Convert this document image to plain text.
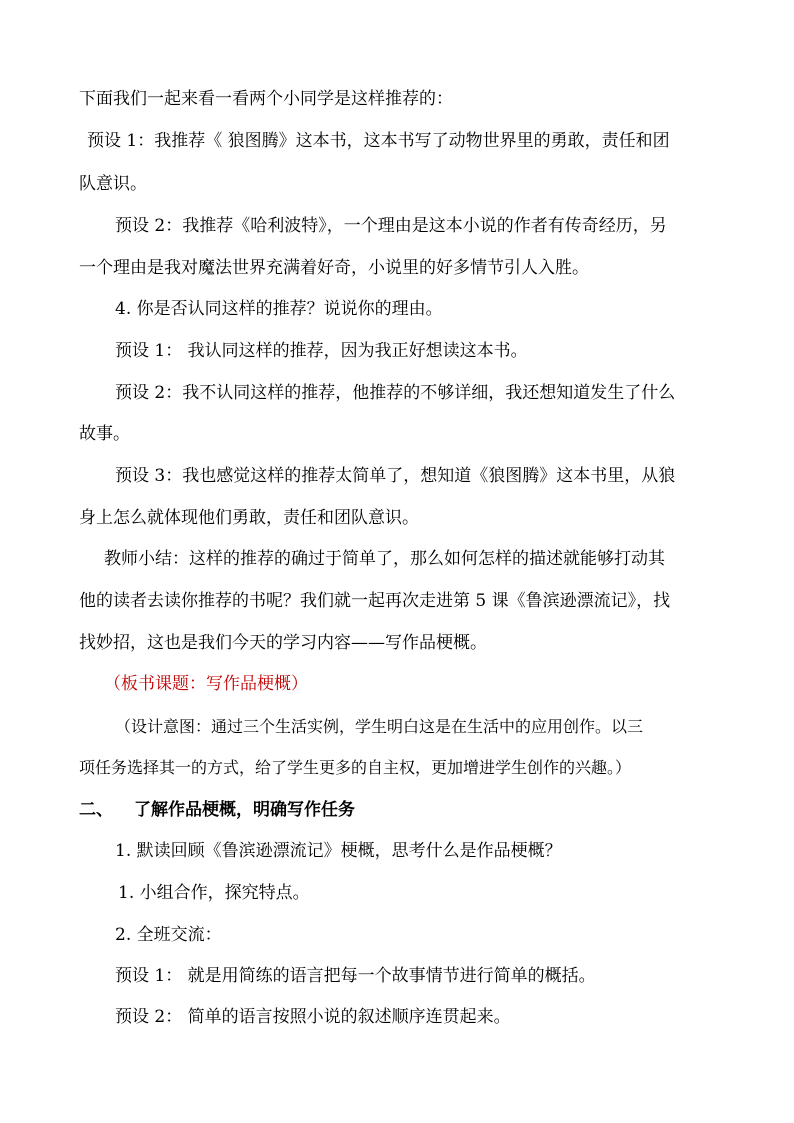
下面我们一起来看一看两个小同学是这样推荐的：
预设 1：我推荐《 狼图腾》这本书，这本书写了动物世界里的勇敢，责任和团
队意识。
预设 2：我推荐《哈利波特》，一个理由是这本小说的作者有传奇经历，另
一个理由是我对魔法世界充满着好奇，小说里的好多情节引人入胜。
4. 你是否认同这样的推荐？说说你的理由。
预设 1： 我认同这样的推荐，因为我正好想读这本书。
预设 2：我不认同这样的推荐，他推荐的不够详细，我还想知道发生了什么
故事。
预设 3：我也感觉这样的推荐太简单了，想知道《狼图腾》这本书里，从狼
身上怎么就体现他们勇敢，责任和团队意识。
教师小结：这样的推荐的确过于简单了，那么如何怎样的描述就能够打动其
他的读者去读你推荐的书呢？我们就一起再次走进第 5 课《鲁滨逊漂流记》，找
找妙招，这也是我们今天的学习内容——写作品梗概。
（板书课题：写作品梗概）
（设计意图：通过三个生活实例，学生明白这是在生活中的应用创作。以三
项任务选择其一的方式，给了学生更多的自主权，更加增进学生创作的兴趣。）
二、 了解作品梗概，明确写作任务
1. 默读回顾《鲁滨逊漂流记》梗概，思考什么是作品梗概？
1. 小组合作，探究特点。
2. 全班交流：
预设 1： 就是用简练的语言把每一个故事情节进行简单的概括。
预设 2： 简单的语言按照小说的叙述顺序连贯起来。
